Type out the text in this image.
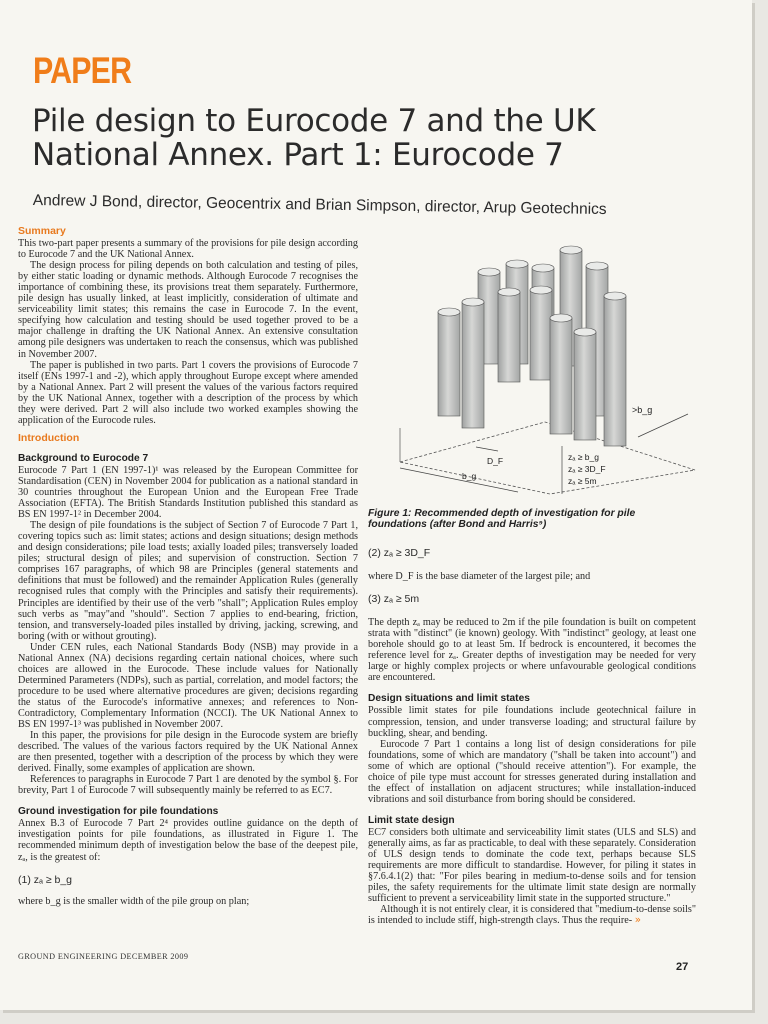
PAPER
Pile design to Eurocode 7 and the UK National Annex. Part 1: Eurocode 7
Andrew J Bond, director, Geocentrix and Brian Simpson, director, Arup Geotechnics
Summary

This two-part paper presents a summary of the provisions for pile design according to Eurocode 7 and the UK National Annex.

The design process for piling depends on both calculation and testing of piles, by either static loading or dynamic methods. Although Eurocode 7 recognises the importance of combining these, its provisions treat them separately. Furthermore, pile design has usually linked, at least implicitly, consideration of ultimate and serviceability limit states; this remains the case in Eurocode 7. In the event, specifying how calculation and testing should be used together proved to be a major challenge in drafting the UK National Annex. An extensive consultation among pile designers was undertaken to reach the consensus, which was published in November 2007.

The paper is published in two parts. Part 1 covers the provisions of Eurocode 7 itself (ENs 1997-1 and -2), which apply throughout Europe except where amended by a National Annex. Part 2 will present the values of the various factors required by the UK National Annex, together with a description of the process by which they were derived. Part 2 will also include two worked examples showing the application of the Eurocode rules.

Introduction
Background to Eurocode 7

Eurocode 7 Part 1 (EN 1997-1)¹ was released by the European Committee for Standardisation (CEN) in November 2004 for publication as a national standard in 30 countries throughout the European Union and the European Free Trade Association (EFTA). The British Standards Institution published this standard as BS EN 1997-1² in December 2004.

The design of pile foundations is the subject of Section 7 of Eurocode 7 Part 1, covering topics such as: limit states; actions and design situations; design methods and design considerations; pile load tests; axially loaded piles; transversely loaded piles; structural design of piles; and supervision of construction. Section 7 comprises 167 paragraphs, of which 98 are Principles (general statements and definitions that must be followed) and the remainder Application Rules (generally recognised rules that comply with the Principles and satisfy their requirements). Principles are identified by their use of the verb "shall"; Application Rules employ such verbs as "may"and "should". Section 7 applies to end-bearing, friction, tension, and transversely-loaded piles installed by driving, jacking, screwing, and boring (with or without grouting).

Under CEN rules, each National Standards Body (NSB) may provide in a National Annex (NA) decisions regarding certain national choices, where such choices are allowed in the Eurocode. These include values for Nationally Determined Parameters (NDPs), such as partial, correlation, and model factors; the procedure to be used where alternative procedures are given; decisions regarding the status of the Eurocode's informative annexes; and references to Non-Contradictory, Complementary Information (NCCI). The UK National Annex to BS EN 1997-1³ was published in November 2007.

In this paper, the provisions for pile design in the Eurocode system are briefly described. The values of the various factors required by the UK National Annex are then presented, together with a description of the process by which they were derived. Finally, some examples of application are shown.

References to paragraphs in Eurocode 7 Part 1 are denoted by the symbol §. For brevity, Part 1 of Eurocode 7 will subsequently mainly be referred to as EC7.

Ground investigation for pile foundations

Annex B.3 of Eurocode 7 Part 2⁴ provides outline guidance on the depth of investigation points for pile foundations, as illustrated in Figure 1. The recommended minimum depth of investigation below the base of the deepest pile, zₐ, is the greatest of:

(1) zₐ ≥ b_g

where b_g is the smaller width of the pile group on plan;

>b_g
D_F
b_g
zₐ ≥ b_g
zₐ ≥ 3D_F
zₐ ≥ 5m
Figure 1: Recommended depth of investigation for pile foundations (after Bond and Harris⁹)
(2) zₐ ≥ 3D_F

where D_F is the base diameter of the largest pile; and

(3) zₐ ≥ 5m

The depth zₐ may be reduced to 2m if the pile foundation is built on competent strata with "distinct" (ie known) geology. With "indistinct" geology, at least one borehole should go to at least 5m. If bedrock is encountered, it becomes the reference level for zₐ. Greater depths of investigation may be needed for very large or highly complex projects or where unfavourable geological conditions are encountered.

Design situations and limit states

Possible limit states for pile foundations include geotechnical failure in compression, tension, and under transverse loading; and structural failure by buckling, shear, and bending.

Eurocode 7 Part 1 contains a long list of design considerations for pile foundations, some of which are mandatory ("shall be taken into account") and some of which are optional ("should receive attention"). For example, the choice of pile type must account for stresses generated during installation and the effect of installation on adjacent structures; while installation-induced vibrations and soil disturbance from boring should be considered.

Limit state design

EC7 considers both ultimate and serviceability limit states (ULS and SLS) and generally aims, as far as practicable, to deal with these separately. Consideration of ULS design tends to dominate the code text, perhaps because SLS requirements are more difficult to standardise. However, for piling it states in §7.6.4.1(2) that: "For piles bearing in medium-to-dense soils and for tension piles, the safety requirements for the ultimate limit state design are normally sufficient to prevent a serviceability limit state in the supported structure."

Although it is not entirely clear, it is considered that "medium-to-dense soils" is intended to include stiff, high-strength clays. Thus the require- »

GROUND ENGINEERING DECEMBER 2009
27
